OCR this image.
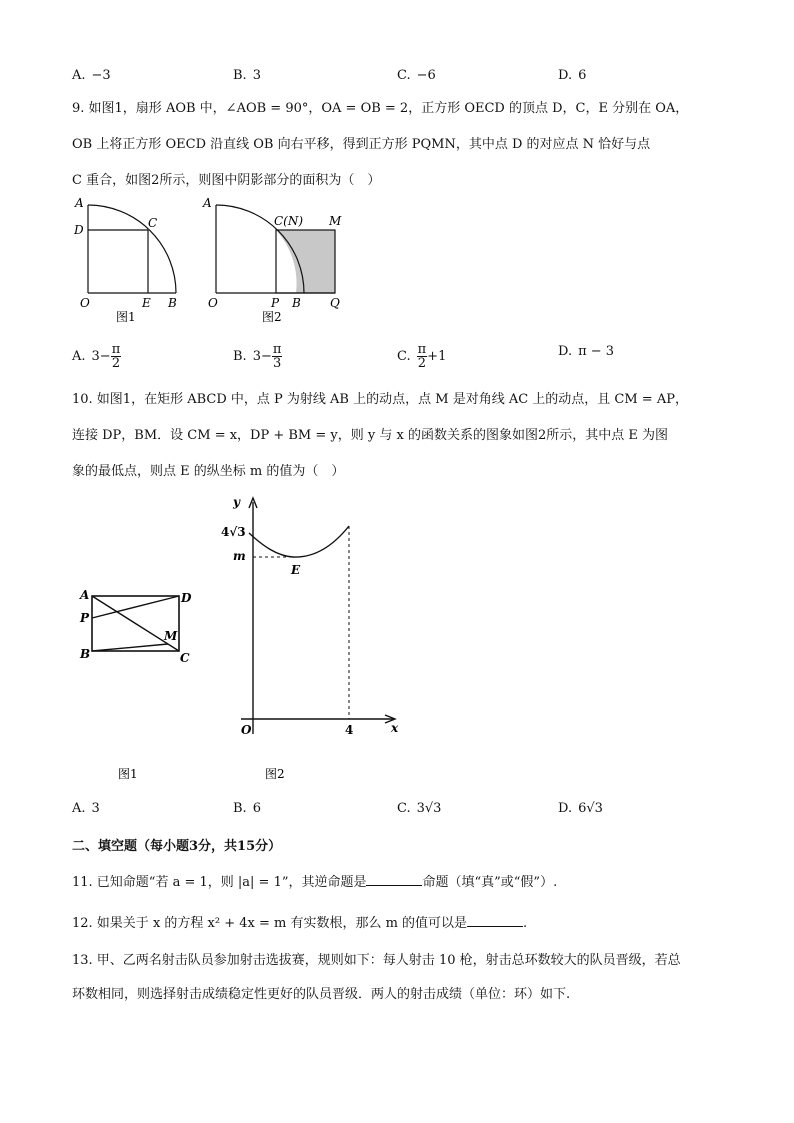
A. −3	B. 3	C. −6	D. 6
9. 如图1，扇形 AOB 中，∠AOB = 90°，OA = OB = 2，正方形 OECD 的顶点 D，C，E 分别在 OA，
OB 上将正方形 OECD 沿直线 OB 向右平移，得到正方形 PQMN，其中点 D 的对应点 N 恰好与点
C 重合，如图2所示，则图中阴影部分的面积为（　）
A
D	C
O	E B
图1
A
C(N) M
O	P B Q
图2
A. $3- \frac{\pi}{2}$	B. $3- \frac{\pi}{3}$	C. $\frac{\pi}{2} +1$	D. π − 3
10. 如图1，在矩形 ABCD 中，点 P 为射线 AB 上的动点，点 M 是对角线 AC 上的动点，且 CM = AP，
连接 DP，BM．设 CM = x，DP + BM = y，则 y 与 x 的函数关系的图象如图2所示，其中点 E 为图
象的最低点，则点 E 的纵坐标 m 的值为（　）
A	D
P
M
B	C
图1
y
4√3
m
E
O	4	x
图2
A. 3	B. 6	C. 3√3	D. 6√3
二、填空题（每小题3分，共15分）
11. 已知命题“若 a = 1，则 |a| = 1”，其逆命题是	命题（填“真”或“假”）.
12. 如果关于 x 的方程 x² + 4x = m 有实数根，那么 m 的值可以是	.
13. 甲、乙两名射击队员参加射击选拔赛，规则如下：每人射击 10 枪，射击总环数较大的队员晋级，若总
环数相同，则选择射击成绩稳定性更好的队员晋级．两人的射击成绩（单位：环）如下.
